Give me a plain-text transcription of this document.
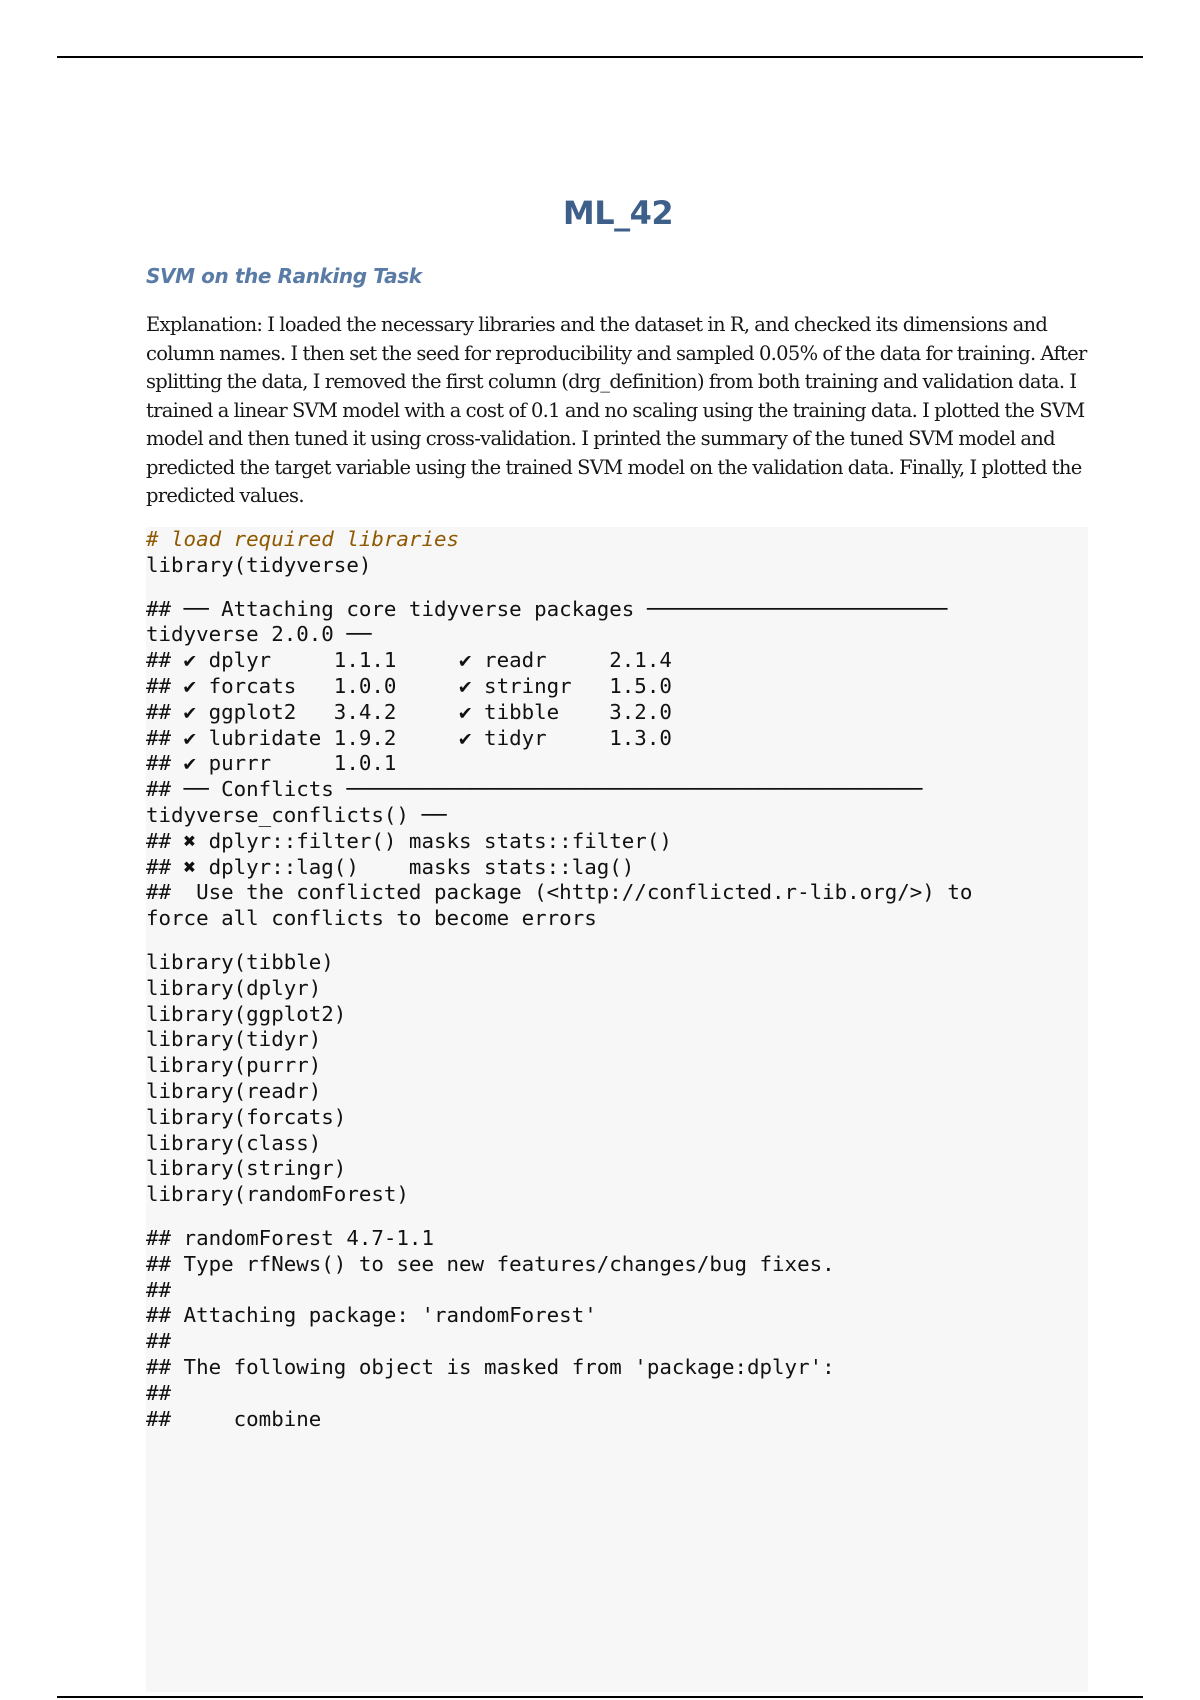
ML_42
SVM on the Ranking Task

Explanation: I loaded the necessary libraries and the dataset in R, and checked its dimensions and column names. I then set the seed for reproducibility and sampled 0.05% of the data for training. After splitting the data, I removed the first column (drg_definition) from both training and validation data. I trained a linear SVM model with a cost of 0.1 and no scaling using the training data. I plotted the SVM model and then tuned it using cross-validation. I printed the summary of the tuned SVM model and predicted the target variable using the trained SVM model on the validation data. Finally, I plotted the predicted values.

# load required libraries
library(tidyverse)
## ── Attaching core tidyverse packages ────────────────────────
tidyverse 2.0.0 ──
## ✔ dplyr     1.1.1     ✔ readr     2.1.4
## ✔ forcats   1.0.0     ✔ stringr   1.5.0
## ✔ ggplot2   3.4.2     ✔ tibble    3.2.0
## ✔ lubridate 1.9.2     ✔ tidyr     1.3.0
## ✔ purrr     1.0.1
## ── Conflicts ──────────────────────────────────────────────
tidyverse_conflicts() ──
## ✖ dplyr::filter() masks stats::filter()
## ✖ dplyr::lag()    masks stats::lag()
##  Use the conflicted package (<http://conflicted.r-lib.org/>) to
force all conflicts to become errors
library(tibble)
library(dplyr)
library(ggplot2)
library(tidyr)
library(purrr)
library(readr)
library(forcats)
library(class)
library(stringr)
library(randomForest)
## randomForest 4.7-1.1
## Type rfNews() to see new features/changes/bug fixes.
##
## Attaching package: 'randomForest'
##
## The following object is masked from 'package:dplyr':
##
##     combine
